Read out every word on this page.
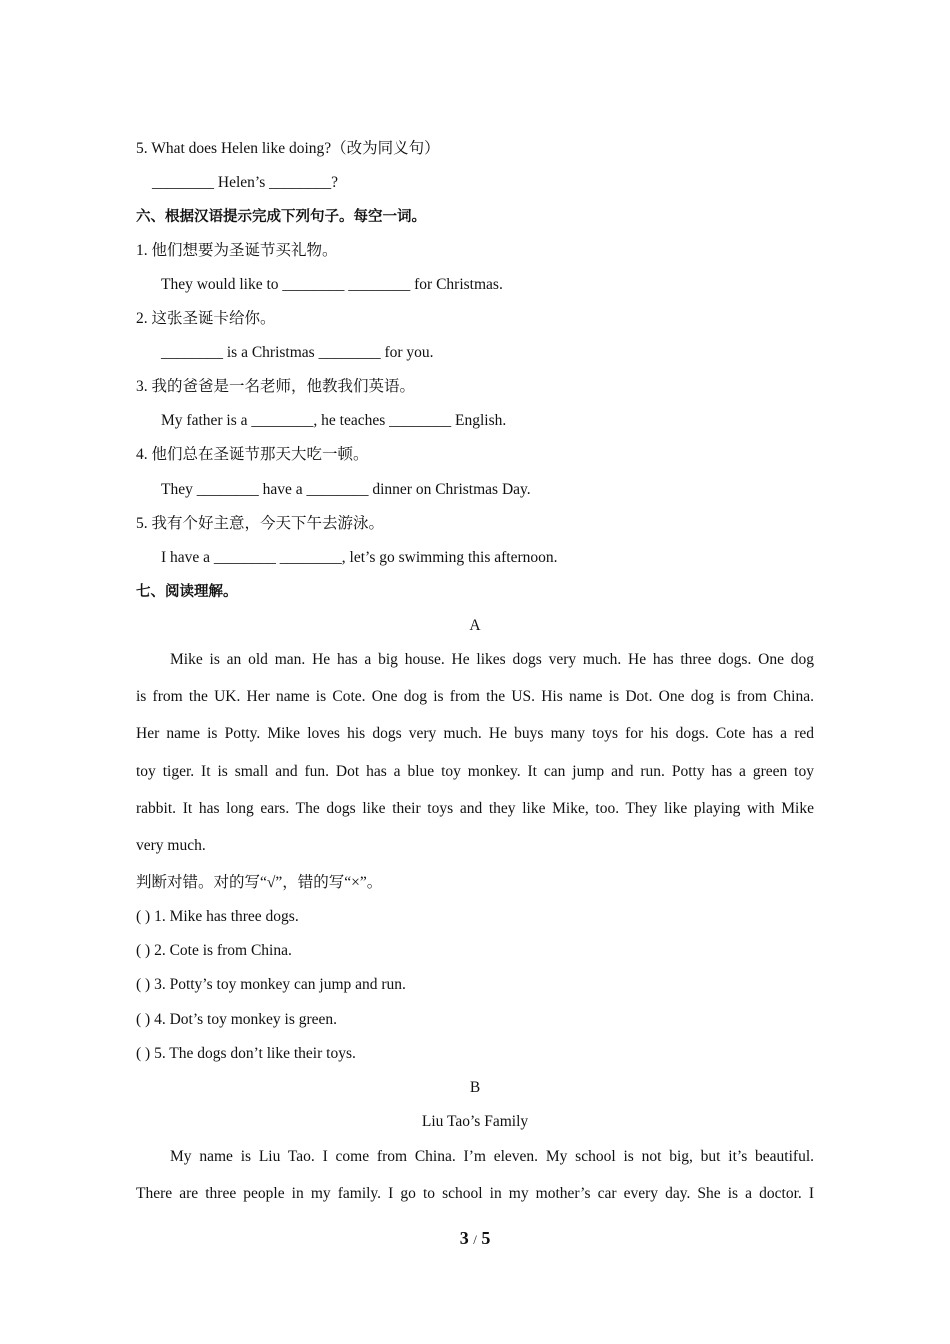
5. What does Helen like doing?（改为同义句）
________ Helen’s ________?
六、根据汉语提示完成下列句子。每空一词。
1. 他们想要为圣诞节买礼物。
They would like to ________ ________ for Christmas.
2. 这张圣诞卡给你。
________ is a Christmas ________ for you.
3. 我的爸爸是一名老师，他教我们英语。
My father is a ________, he teaches ________ English.
4. 他们总在圣诞节那天大吃一顿。
They ________ have a ________ dinner on Christmas Day.
5. 我有个好主意，今天下午去游泳。
I have a ________ ________, let’s go swimming this afternoon.
七、阅读理解。
A
Mike is an old man. He has a big house. He likes dogs very much. He has three dogs. One dog
is from the UK. Her name is Cote. One dog is from the US. His name is Dot. One dog is from China.
Her name is Potty. Mike loves his dogs very much. He buys many toys for his dogs. Cote has a red
toy tiger. It is small and fun. Dot has a blue toy monkey. It can jump and run. Potty has a green toy
rabbit. It has long ears. The dogs like their toys and they like Mike, too. They like playing with Mike
very much.
判断对错。对的写“√”，错的写“×”。
( ) 1. Mike has three dogs.
( ) 2. Cote is from China.
( ) 3. Potty’s toy monkey can jump and run.
( ) 4. Dot’s toy monkey is green.
( ) 5. The dogs don’t like their toys.
B
Liu Tao’s Family
My name is Liu Tao. I come from China. I’m eleven. My school is not big, but it’s beautiful.
There are three people in my family. I go to school in my mother’s car every day. She is a doctor. I
3 / 5
